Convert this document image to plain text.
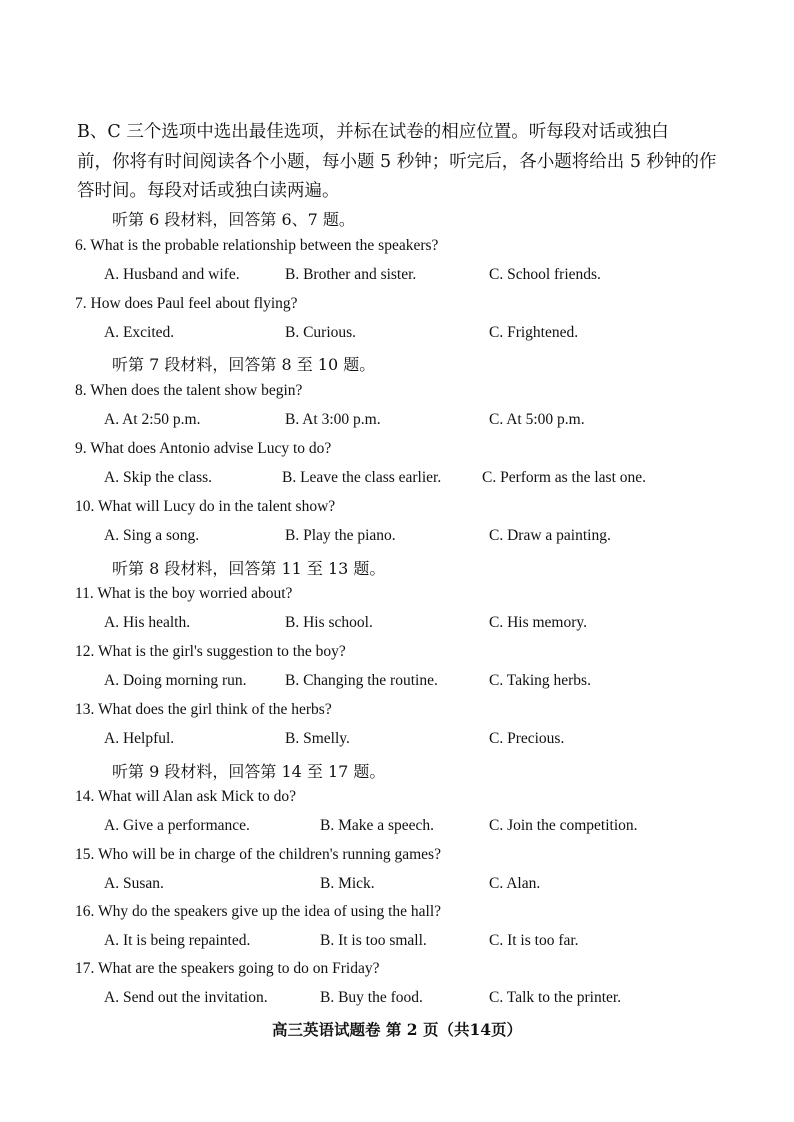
B、C 三个选项中选出最佳选项，并标在试卷的相应位置。听每段对话或独白
前，你将有时间阅读各个小题，每小题 5 秒钟；听完后，各小题将给出 5 秒钟的作
答时间。每段对话或独白读两遍。
听第 6 段材料，回答第 6、7 题。
6. What is the probable relationship between the speakers?
A. Husband and wife.	B. Brother and sister.	C. School friends.
7. How does Paul feel about flying?
A. Excited.	B. Curious.	C. Frightened.
听第 7 段材料，回答第 8 至 10 题。
8. When does the talent show begin?
A. At 2:50 p.m.	B. At 3:00 p.m.	C. At 5:00 p.m.
9. What does Antonio advise Lucy to do?
A. Skip the class.	B. Leave the class earlier.	C. Perform as the last one.
10. What will Lucy do in the talent show?
A. Sing a song.	B. Play the piano.	C. Draw a painting.
听第 8 段材料，回答第 11 至 13 题。
11. What is the boy worried about?
A. His health.	B. His school.	C. His memory.
12. What is the girl's suggestion to the boy?
A. Doing morning run. B. Changing the routine.	C. Taking herbs.
13. What does the girl think of the herbs?
A. Helpful.	B. Smelly.	C. Precious.
听第 9 段材料，回答第 14 至 17 题。
14. What will Alan ask Mick to do?
A. Give a performance.	B. Make a speech.	C. Join the competition.
15. Who will be in charge of the children's running games?
A. Susan.	B. Mick.	C. Alan.
16. Why do the speakers give up the idea of using the hall?
A. It is being repainted.	B. It is too small.	C. It is too far.
17. What are the speakers going to do on Friday?
A. Send out the invitation.	B. Buy the food.	C. Talk to the printer.
高三英语试题卷 第 2 页（共14页）
